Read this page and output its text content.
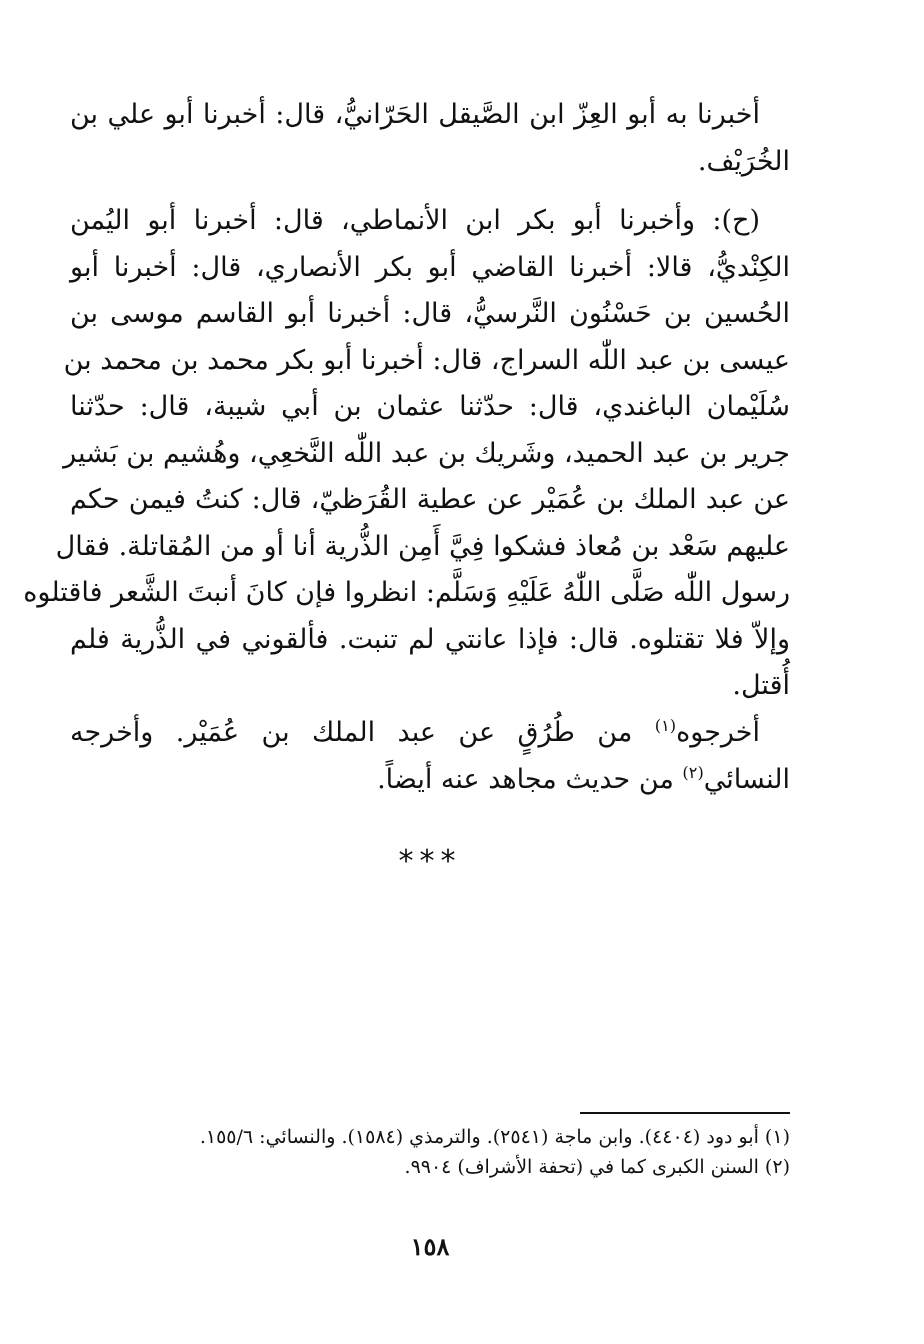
أخبرنا به أبو العِزّ ابن الصَّيقل الحَرّانيُّ، قال: أخبرنا أبو علي بن
الخُرَيْف.
(ح): وأخبرنا أبو بكر ابن الأنماطي، قال: أخبرنا أبو اليُمن
الكِنْديُّ، قالا: أخبرنا القاضي أبو بكر الأنصاري، قال: أخبرنا أبو
الحُسين بن حَسْنُون النَّرسيُّ، قال: أخبرنا أبو القاسم موسى بن
عيسى بن عبد اللّٰه السراج، قال: أخبرنا أبو بكر محمد بن محمد بن
سُلَيْمان الباغندي، قال: حدّثنا عثمان بن أبي شيبة، قال: حدّثنا
جرير بن عبد الحميد، وشَريك بن عبد اللّٰه النَّخعِي، وهُشيم بن بَشير
عن عبد الملك بن عُمَيْر عن عطية القُرَظيّ، قال: كنتُ فيمن حكم
عليهم سَعْد بن مُعاذ فشكوا فِيَّ أَمِن الذُّرية أنا أو من المُقاتلة. فقال
رسول اللّٰه صَلَّى اللّٰهُ عَلَيْهِ وَسَلَّم: انظروا فإن كانَ أنبتَ الشَّعر فاقتلوه
وإلاّ فلا تقتلوه. قال: فإذا عانتي لم تنبت. فألقوني في الذُّرية فلم
أُقتل.
أخرجوه$^{(١)}$ من طُرُقٍ عن عبد الملك بن عُمَيْر. وأخرجه
النسائي$^{(٢)}$ من حديث مجاهد عنه أيضاً.
***
(١) أبو دود (٤٤٠٤). وابن ماجة (٢٥٤١). والترمذي (١٥٨٤). والنسائي: ١٥٥/٦.
(٢) السنن الكبرى كما في (تحفة الأشراف) ٩٩٠٤.
١٥٨
